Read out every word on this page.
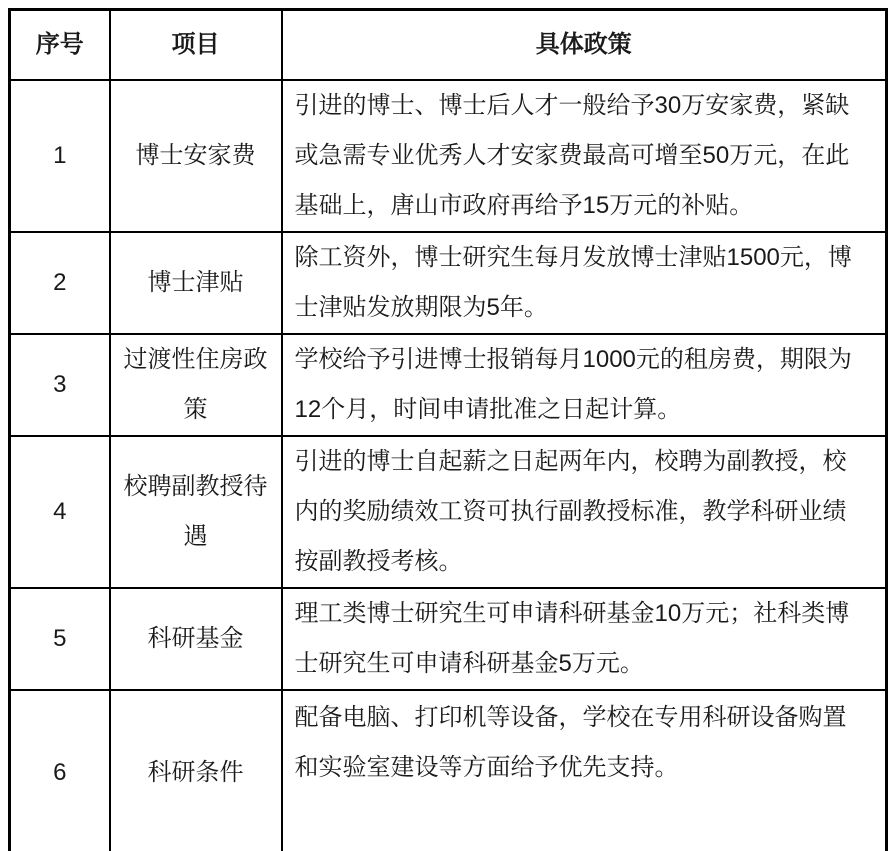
序号	项目	具体政策
1	博士安家费	引进的博士、博士后人才一般给予30万安家费，紧缺或急需专业优秀人才安家费最高可增至50万元，在此基础上，唐山市政府再给予15万元的补贴。
2	博士津贴	除工资外，博士研究生每月发放博士津贴1500元，博士津贴发放期限为5年。
3	过渡性住房政策	学校给予引进博士报销每月1000元的租房费，期限为12个月，时间申请批准之日起计算。
4	校聘副教授待遇	引进的博士自起薪之日起两年内，校聘为副教授，校内的奖励绩效工资可执行副教授标准，教学科研业绩按副教授考核。
5	科研基金	理工类博士研究生可申请科研基金10万元；社科类博士研究生可申请科研基金5万元。
6	科研条件	配备电脑、打印机等设备，学校在专用科研设备购置和实验室建设等方面给予优先支持。
